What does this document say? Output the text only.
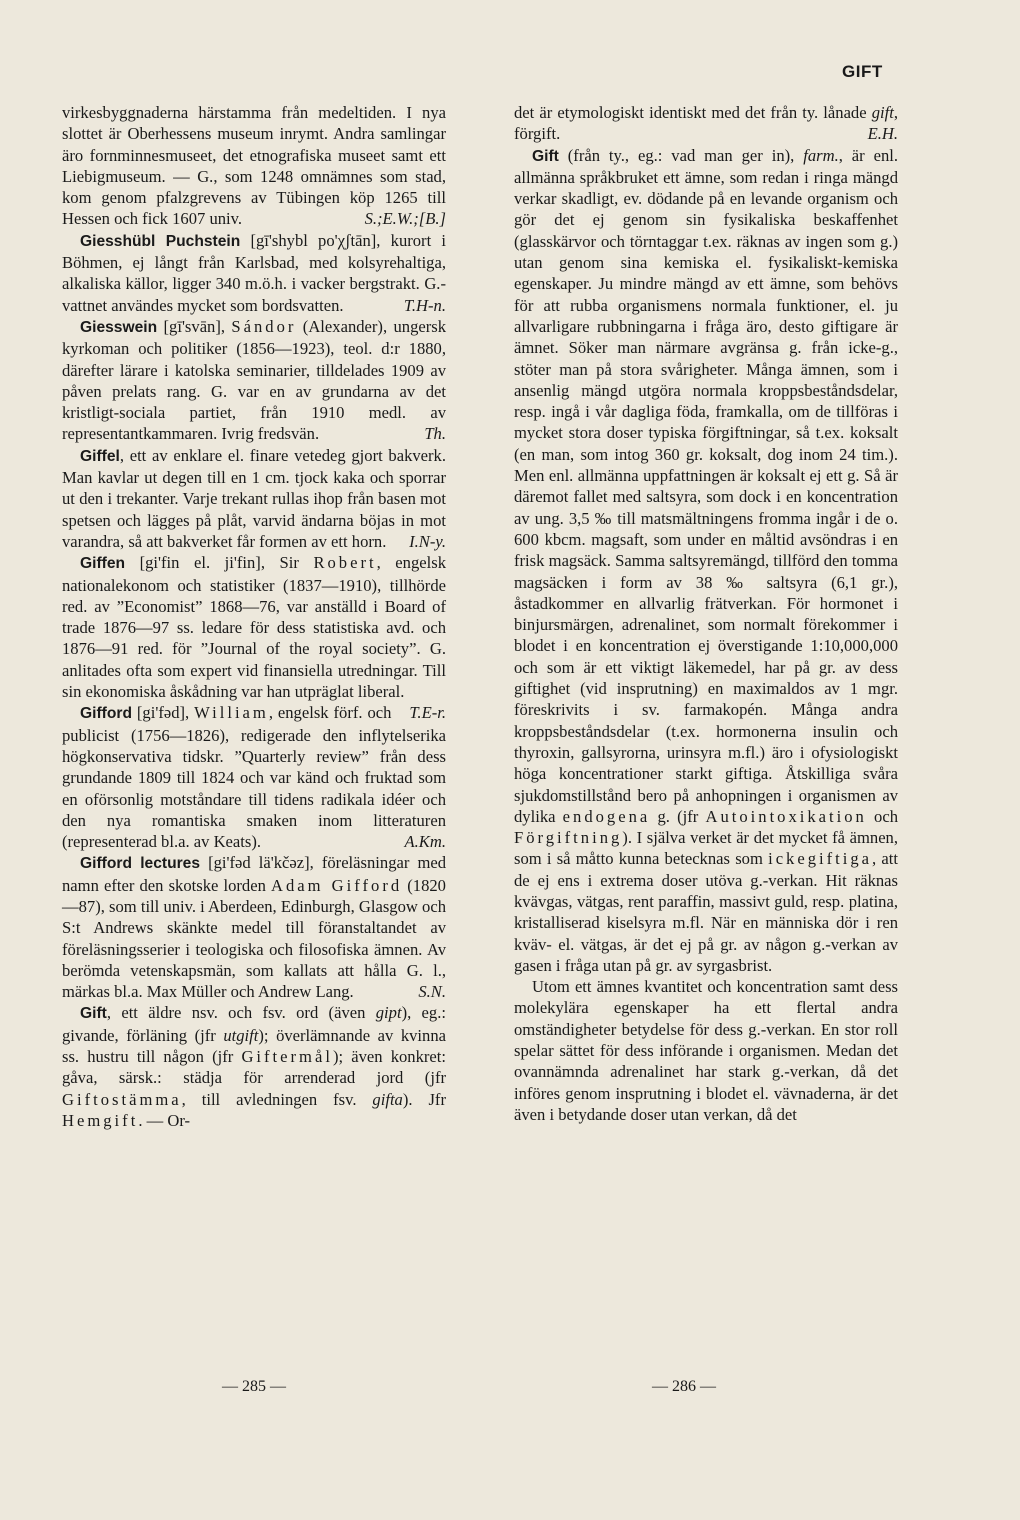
GIFT

virkesbyggnaderna härstamma från medeltiden. I nya slottet är Oberhessens museum inrymt. Andra samlingar äro fornminnesmuseet, det etnografiska museet samt ett Liebigmuseum. — G., som 1248 omnämnes som stad, kom genom pfalzgrevens av Tübingen köp 1265 till Hessen och fick 1607 univ.	S.;E.W.;[B.]

Giesshübl Puchstein [gī'shybl po'χʃtān], kurort i Böhmen, ej långt från Karlsbad, med kolsyrehaltiga, alkaliska källor, ligger 340 m.ö.h. i vacker bergstrakt. G.-vattnet användes mycket som bordsvatten.	T.H-n.

Giesswein [gī'svān], Sándor (Alexander), ungersk kyrkoman och politiker (1856—1923), teol. d:r 1880, därefter lärare i katolska seminarier, tilldelades 1909 av påven prelats rang. G. var en av grundarna av det kristligt-sociala partiet, från 1910 medl. av representantkammaren. Ivrig fredsvän.	Th.

Giffel, ett av enklare el. finare vetedeg gjort bakverk. Man kavlar ut degen till en 1 cm. tjock kaka och sporrar ut den i trekanter. Varje trekant rullas ihop från basen mot spetsen och lägges på plåt, varvid ändarna böjas in mot varandra, så att bakverket får formen av ett horn.	I.N-y.

Giffen [gi'fin el. ji'fin], Sir Robert, engelsk nationalekonom och statistiker (1837—1910), tillhörde red. av ”Economist” 1868—76, var anställd i Board of trade 1876—97 ss. ledare för dess statistiska avd. och 1876—91 red. för ”Journal of the royal society”. G. anlitades ofta som expert vid finansiella utredningar. Till sin ekonomiska åskådning var han utpräglat liberal.
T.E-r.

Gifford [gi'fəd], William, engelsk förf. och publicist (1756—1826), redigerade den inflytelserika högkonservativa tidskr. ”Quarterly review” från dess grundande 1809 till 1824 och var känd och fruktad som en oförsonlig motståndare till tidens radikala idéer och den nya romantiska smaken inom litteraturen (representerad bl.a. av Keats).	A.Km.

Gifford lectures [gi'fəd lä'kčəz], föreläsningar med namn efter den skotske lorden Adam Gifford (1820—87), som till univ. i Aberdeen, Edinburgh, Glasgow och S:t Andrews skänkte medel till föranstaltandet av föreläsningsserier i teologiska och filosofiska ämnen. Av berömda vetenskapsmän, som kallats att hålla G. l., märkas bl.a. Max Müller och Andrew Lang.	S.N.

Gift, ett äldre nsv. och fsv. ord (även gipt), eg.: givande, förläning (jfr utgift); överlämnande av kvinna ss. hustru till någon (jfr Giftermål); även konkret: gåva, särsk.: städja för arrenderad jord (jfr Giftostämma, till avledningen fsv. gifta). Jfr Hemgift. — Or-

det är etymologiskt identiskt med det från ty. lånade gift, förgift.	E.H.

Gift (från ty., eg.: vad man ger in), farm., är enl. allmänna språkbruket ett ämne, som redan i ringa mängd verkar skadligt, ev. dödande på en levande organism och gör det ej genom sin fysikaliska beskaffenhet (glasskärvor och törntaggar t.ex. räknas av ingen som g.) utan genom sina kemiska el. fysikaliskt-kemiska egenskaper. Ju mindre mängd av ett ämne, som behövs för att rubba organismens normala funktioner, el. ju allvarligare rubbningarna i fråga äro, desto giftigare är ämnet. Söker man närmare avgränsa g. från icke-g., stöter man på stora svårigheter. Många ämnen, som i ansenlig mängd utgöra normala kroppsbeståndsdelar, resp. ingå i vår dagliga föda, framkalla, om de tillföras i mycket stora doser typiska förgiftningar, så t.ex. koksalt (en man, som intog 360 gr. koksalt, dog inom 24 tim.). Men enl. allmänna uppfattningen är koksalt ej ett g. Så är däremot fallet med saltsyra, som dock i en koncentration av ung. 3,5 ‰ till matsmältningens fromma ingår i de o. 600 kbcm. magsaft, som under en måltid avsöndras i en frisk magsäck. Samma saltsyremängd, tillförd den tomma magsäcken i form av 38 ‰ saltsyra (6,1 gr.), åstadkommer en allvarlig frätverkan. För hormonet i binjursmärgen, adrenalinet, som normalt förekommer i blodet i en koncentration ej överstigande 1:10,000,000 och som är ett viktigt läkemedel, har på gr. av dess giftighet (vid insprutning) en maximaldos av 1 mgr. föreskrivits i sv. farmakopén. Många andra kroppsbeståndsdelar (t.ex. hormonerna insulin och thyroxin, gallsyrorna, urinsyra m.fl.) äro i ofysiologiskt höga koncentrationer starkt giftiga. Åtskilliga svåra sjukdomstillstånd bero på anhopningen i organismen av dylika endogena g. (jfr Autointoxikation och Förgiftning). I själva verket är det mycket få ämnen, som i så måtto kunna betecknas som ickegiftiga, att de ej ens i extrema doser utöva g.-verkan. Hit räknas kvävgas, vätgas, rent paraffin, massivt guld, resp. platina, kristalliserad kiselsyra m.fl. När en människa dör i ren kväv- el. vätgas, är det ej på gr. av någon g.-verkan av gasen i fråga utan på gr. av syrgasbrist.

Utom ett ämnes kvantitet och koncentration samt dess molekylära egenskaper ha ett flertal andra omständigheter betydelse för dess g.-verkan. En stor roll spelar sättet för dess införande i organismen. Medan det ovannämnda adrenalinet har stark g.-verkan, då det införes genom insprutning i blodet el. vävnaderna, är det även i betydande doser utan verkan, då det

— 285 —	— 286 —
